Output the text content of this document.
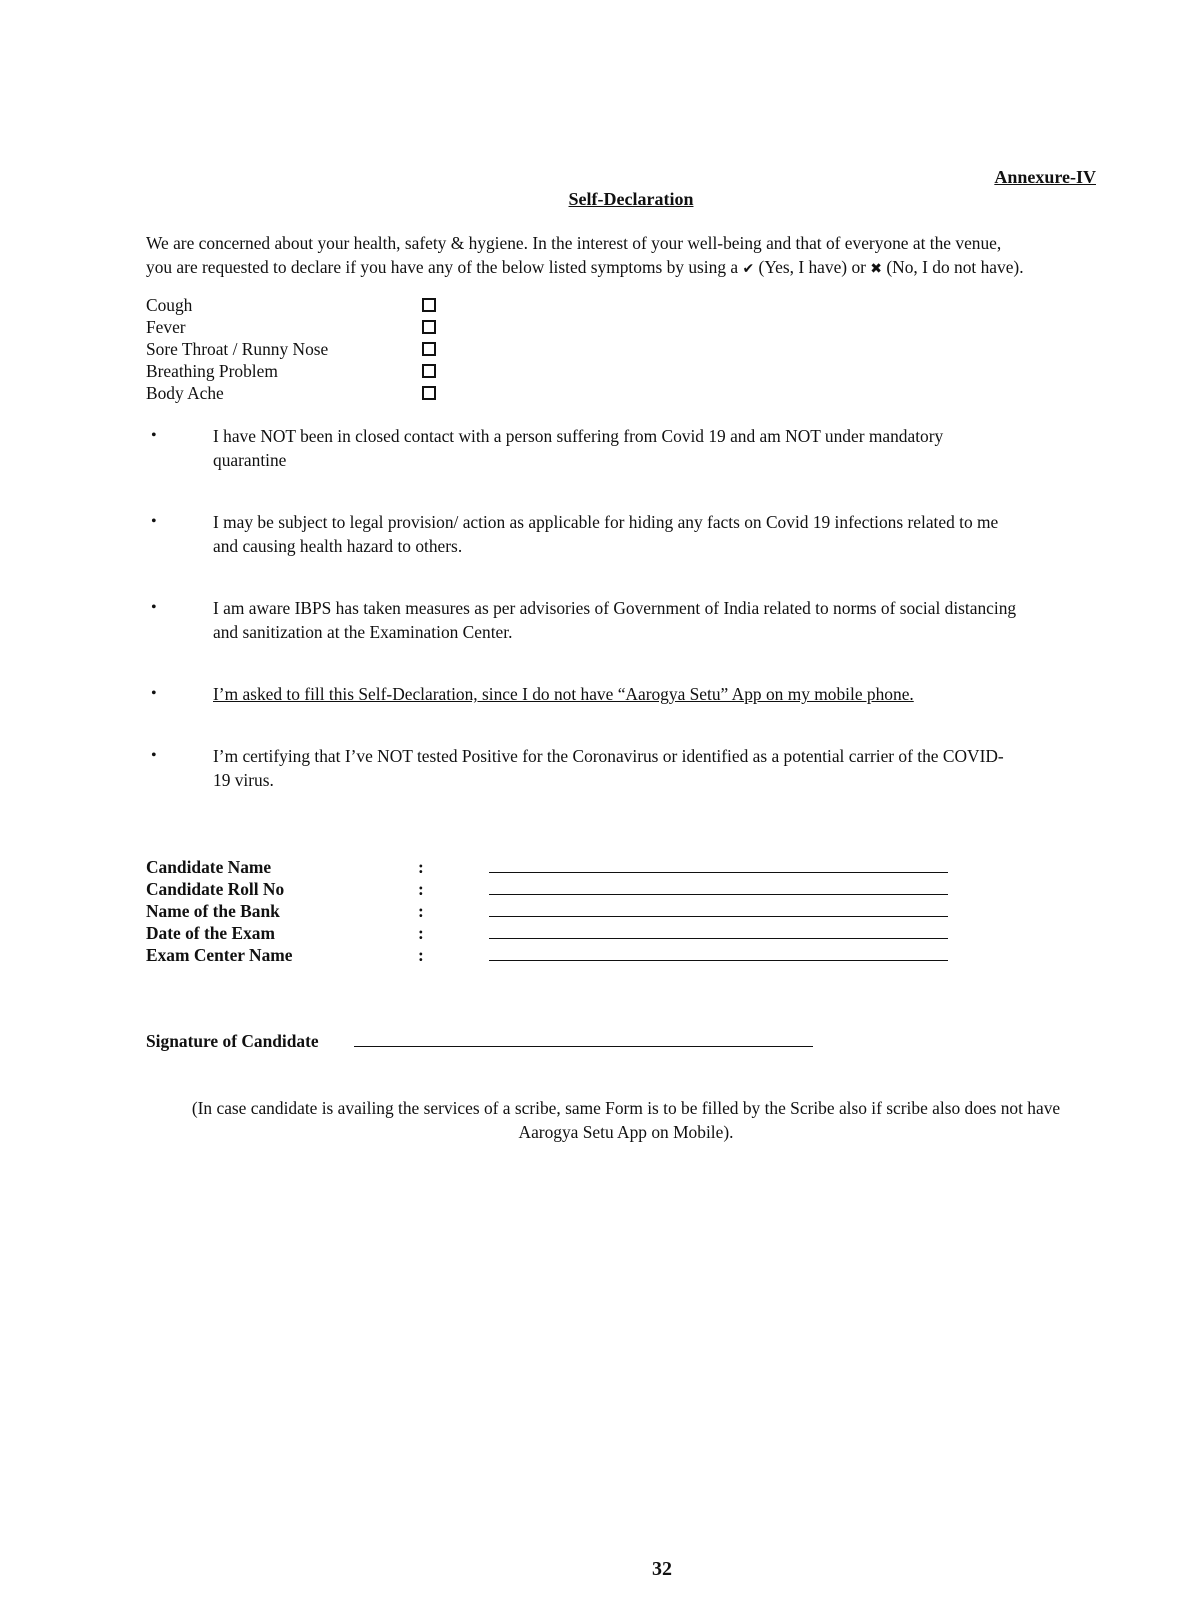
Annexure-IV
Self-Declaration
We are concerned about your health, safety & hygiene. In the interest of your well-being and that of everyone at the venue,
you are requested to declare if you have any of the below listed symptoms by using a ✔ (Yes, I have) or ✖ (No, I do not have).
Cough
Fever
Sore Throat / Runny Nose
Breathing Problem
Body Ache
•	I have NOT been in closed contact with a person suffering from Covid 19 and am NOT under mandatory
quarantine
•	I may be subject to legal provision/ action as applicable for hiding any facts on Covid 19 infections related to me
and causing health hazard to others.
•	I am aware IBPS has taken measures as per advisories of Government of India related to norms of social distancing
and sanitization at the Examination Center.
•	I’m asked to fill this Self-Declaration, since I do not have “Aarogya Setu” App on my mobile phone.
•	I’m certifying that I’ve NOT tested Positive for the Coronavirus or identified as a potential carrier of the COVID-
19 virus.
Candidate Name	:
Candidate Roll No	:
Name of the Bank	:
Date of the Exam	:
Exam Center Name	:
Signature of Candidate
(In case candidate is availing the services of a scribe, same Form is to be filled by the Scribe also if scribe also does not have
Aarogya Setu App on Mobile).
32
